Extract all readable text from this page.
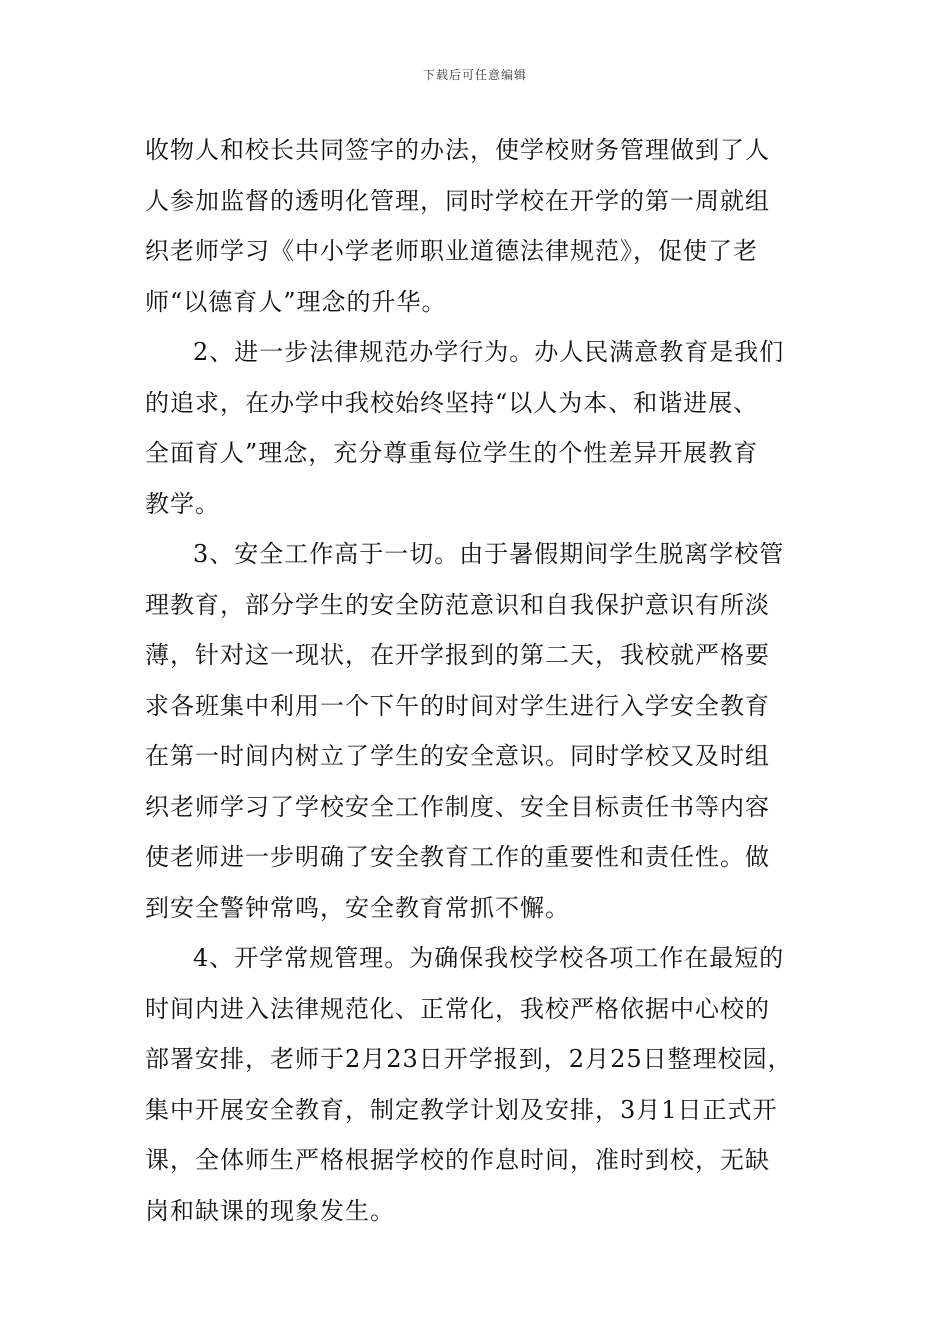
下载后可任意编辑
收物人和校长共同签字的办法，使学校财务管理做到了人
人参加监督的透明化管理，同时学校在开学的第一周就组
织老师学习《中小学老师职业道德法律规范》，促使了老
师“以德育人”理念的升华。
2、进一步法律规范办学行为。办人民满意教育是我们
的追求，在办学中我校始终坚持“以人为本、和谐进展、
全面育人”理念，充分尊重每位学生的个性差异开展教育
教学。
3、安全工作高于一切。由于暑假期间学生脱离学校管
理教育，部分学生的安全防范意识和自我保护意识有所淡
薄，针对这一现状，在开学报到的第二天，我校就严格要
求各班集中利用一个下午的时间对学生进行入学安全教育
在第一时间内树立了学生的安全意识。同时学校又及时组
织老师学习了学校安全工作制度、安全目标责任书等内容
使老师进一步明确了安全教育工作的重要性和责任性。做
到安全警钟常鸣，安全教育常抓不懈。
4、开学常规管理。为确保我校学校各项工作在最短的
时间内进入法律规范化、正常化，我校严格依据中心校的
部署安排，老师于2月23日开学报到，2月25日整理校园，
集中开展安全教育，制定教学计划及安排，3月1日正式开
课，全体师生严格根据学校的作息时间，准时到校，无缺
岗和缺课的现象发生。
